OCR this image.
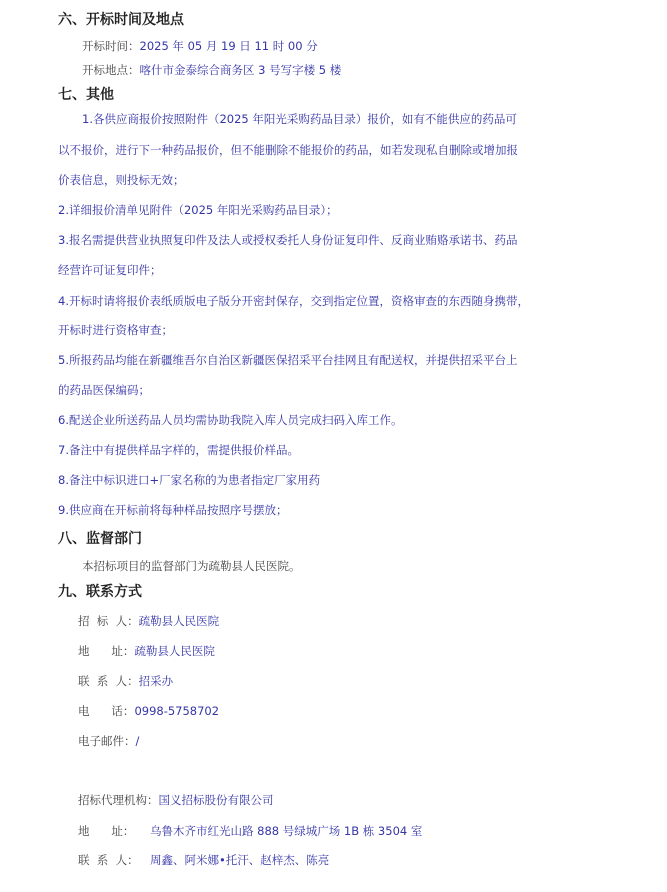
六、开标时间及地点
开标时间：2025 年 05 月 19 日 11 时 00 分
开标地点：喀什市金泰综合商务区 3 号写字楼 5 楼
七、其他
1.各供应商报价按照附件（2025 年阳光采购药品目录）报价，如有不能供应的药品可
以不报价，进行下一种药品报价，但不能删除不能报价的药品，如若发现私自删除或增加报
价表信息，则投标无效；
2.详细报价清单见附件（2025 年阳光采购药品目录）；
3.报名需提供营业执照复印件及法人或授权委托人身份证复印件、反商业贿赂承诺书、药品
经营许可证复印件；
4.开标时请将报价表纸质版电子版分开密封保存，交到指定位置，资格审查的东西随身携带，
开标时进行资格审查；
5.所报药品均能在新疆维吾尔自治区新疆医保招采平台挂网且有配送权，并提供招采平台上
的药品医保编码；
6.配送企业所送药品人员均需协助我院入库人员完成扫码入库工作。
7.备注中有提供样品字样的，需提供报价样品。
8.备注中标识进口+厂家名称的为患者指定厂家用药
9.供应商在开标前将每种样品按照序号摆放；
八、监督部门
本招标项目的监督部门为疏勒县人民医院。
九、联系方式
招  标  人：疏勒县人民医院
地      址：疏勒县人民医院
联  系  人：招采办
电      话：0998-5758702
电子邮件：/
招标代理机构：国义招标股份有限公司
地      址： 乌鲁木齐市红光山路 888 号绿城广场 1B 栋 3504 室
联  系  人： 周鑫、阿米娜•托汗、赵梓杰、陈亮
